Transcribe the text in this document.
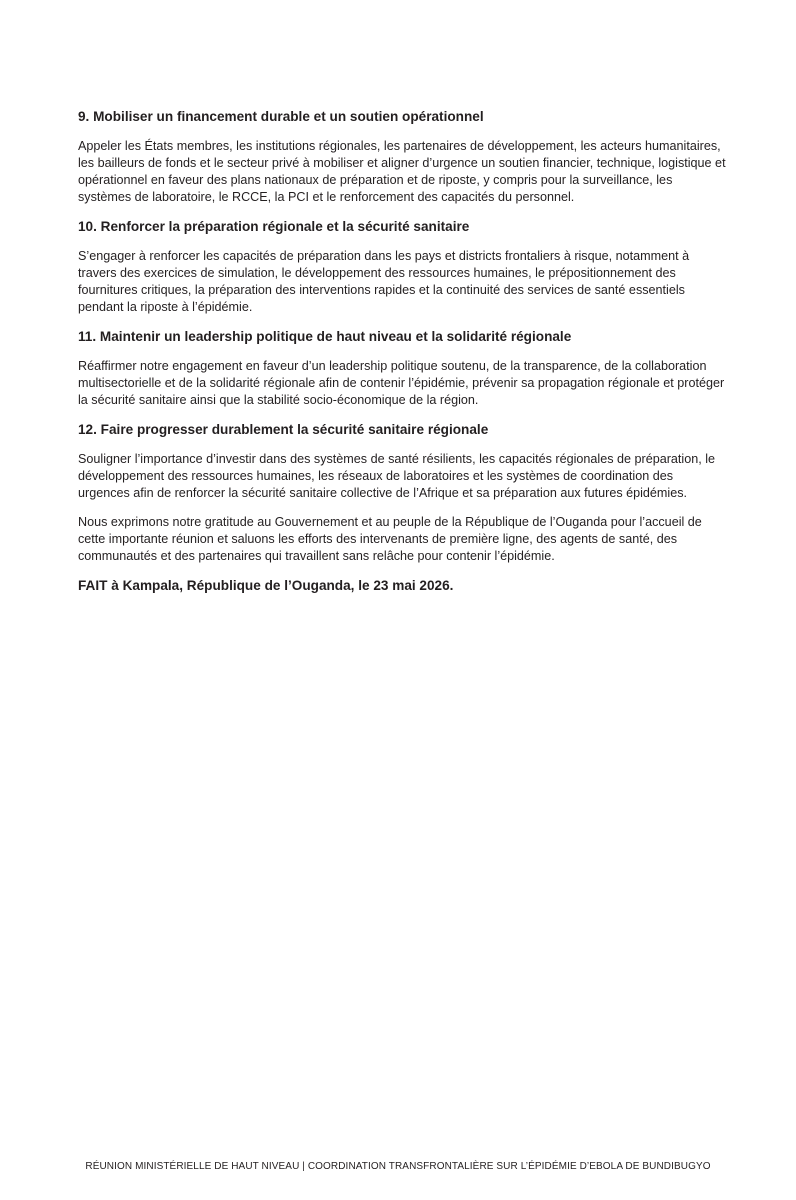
9. Mobiliser un financement durable et un soutien opérationnel

Appeler les États membres, les institutions régionales, les partenaires de développement, les acteurs humanitaires, les bailleurs de fonds et le secteur privé à mobiliser et aligner d’urgence un soutien financier, technique, logistique et opérationnel en faveur des plans nationaux de préparation et de riposte, y compris pour la surveillance, les systèmes de laboratoire, le RCCE, la PCI et le renforcement des capacités du personnel.

10. Renforcer la préparation régionale et la sécurité sanitaire

S’engager à renforcer les capacités de préparation dans les pays et districts frontaliers à risque, notamment à travers des exercices de simulation, le développement des ressources humaines, le prépositionnement des fournitures critiques, la préparation des interventions rapides et la continuité des services de santé essentiels pendant la riposte à l’épidémie.

11. Maintenir un leadership politique de haut niveau et la solidarité régionale

Réaffirmer notre engagement en faveur d’un leadership politique soutenu, de la transparence, de la collaboration multisectorielle et de la solidarité régionale afin de contenir l’épidémie, prévenir sa propagation régionale et protéger la sécurité sanitaire ainsi que la stabilité socio-économique de la région.

12. Faire progresser durablement la sécurité sanitaire régionale

Souligner l’importance d’investir dans des systèmes de santé résilients, les capacités régionales de préparation, le développement des ressources humaines, les réseaux de laboratoires et les systèmes de coordination des urgences afin de renforcer la sécurité sanitaire collective de l’Afrique et sa préparation aux futures épidémies.

Nous exprimons notre gratitude au Gouvernement et au peuple de la République de l’Ouganda pour l’accueil de cette importante réunion et saluons les efforts des intervenants de première ligne, des agents de santé, des communautés et des partenaires qui travaillent sans relâche pour contenir l’épidémie.

FAIT à Kampala, République de l’Ouganda, le 23 mai 2026.

RÉUNION MINISTÉRIELLE DE HAUT NIVEAU | COORDINATION TRANSFRONTALIÈRE SUR L’ÉPIDÉMIE D’EBOLA DE BUNDIBUGYO
